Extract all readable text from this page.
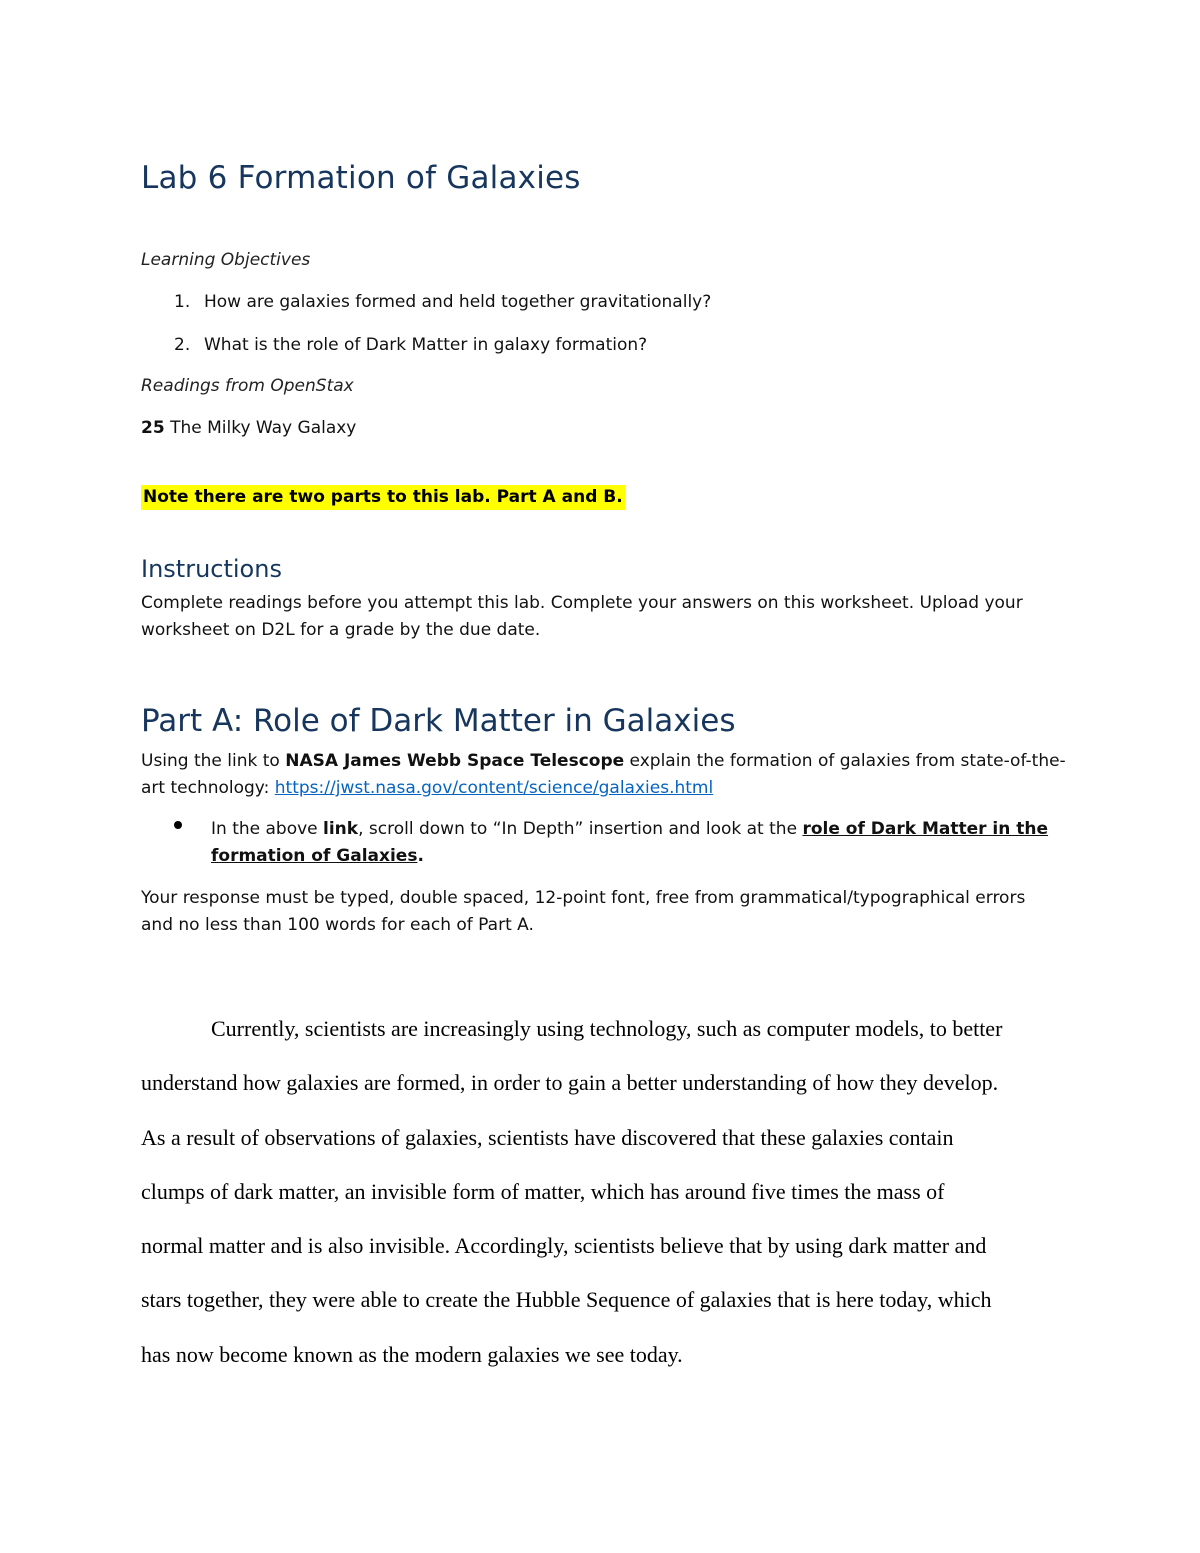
Lab 6 Formation of Galaxies
Learning Objectives
1. How are galaxies formed and held together gravitationally?
2. What is the role of Dark Matter in galaxy formation?
Readings from OpenStax
25 The Milky Way Galaxy
Note there are two parts to this lab. Part A and B.
Instructions
Complete readings before you attempt this lab. Complete your answers on this worksheet. Upload your
worksheet on D2L for a grade by the due date.
Part A: Role of Dark Matter in Galaxies
Using the link to NASA James Webb Space Telescope explain the formation of galaxies from state-of-the-
art technology: https://jwst.nasa.gov/content/science/galaxies.html
In the above link, scroll down to “In Depth” insertion and look at the role of Dark Matter in the
formation of Galaxies.
Your response must be typed, double spaced, 12-point font, free from grammatical/typographical errors
and no less than 100 words for each of Part A.
Currently, scientists are increasingly using technology, such as computer models, to better
understand how galaxies are formed, in order to gain a better understanding of how they develop.
As a result of observations of galaxies, scientists have discovered that these galaxies contain
clumps of dark matter, an invisible form of matter, which has around five times the mass of
normal matter and is also invisible. Accordingly, scientists believe that by using dark matter and
stars together, they were able to create the Hubble Sequence of galaxies that is here today, which
has now become known as the modern galaxies we see today.
